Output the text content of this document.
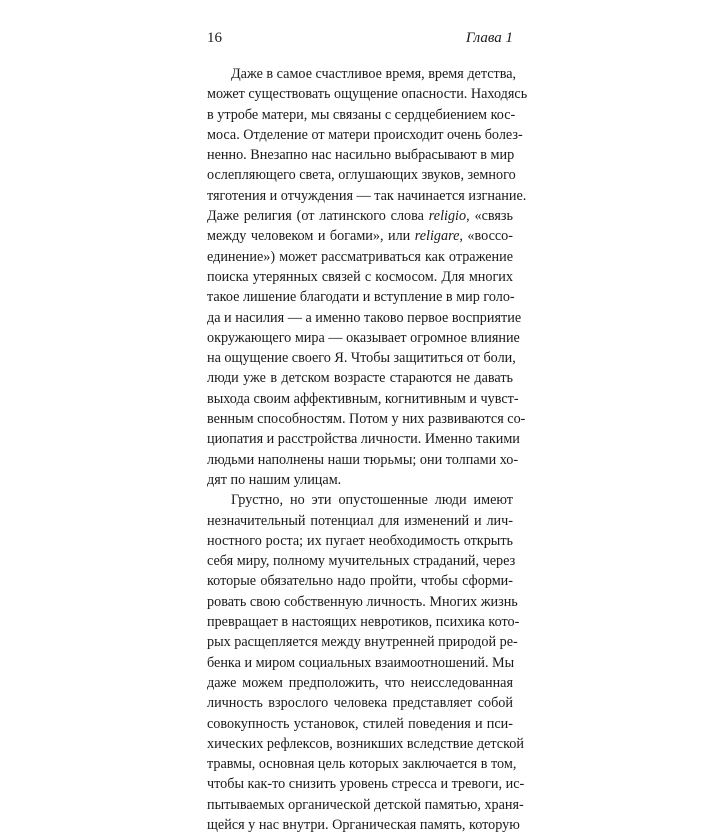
16	Глава 1
Даже в самое счастливое время, время детства,
может существовать ощущение опасности. Находясь
в утробе матери, мы связаны с сердцебиением кос-
моса. Отделение от матери происходит очень болез-
ненно. Внезапно нас насильно выбрасывают в мир
ослепляющего света, оглушающих звуков, земного
тяготения и отчуждения — так начинается изгнание.
Даже религия (от латинского слова religio, «связь
между человеком и богами», или religare, «воссо-
единение») может рассматриваться как отражение
поиска утерянных связей с космосом. Для многих
такое лишение благодати и вступление в мир голо-
да и насилия — а именно таково первое восприятие
окружающего мира — оказывает огромное влияние
на ощущение своего Я. Чтобы защититься от боли,
люди уже в детском возрасте стараются не давать
выхода своим аффективным, когнитивным и чувст-
венным способностям. Потом у них развиваются со-
циопатия и расстройства личности. Именно такими
людьми наполнены наши тюрьмы; они толпами хо-
дят по нашим улицам.
Грустно, но эти опустошенные люди имеют
незначительный потенциал для изменений и лич-
ностного роста; их пугает необходимость открыть
себя миру, полному мучительных страданий, через
которые обязательно надо пройти, чтобы сформи-
ровать свою собственную личность. Многих жизнь
превращает в настоящих невротиков, психика кото-
рых расщепляется между внутренней природой ре-
бенка и миром социальных взаимоотношений. Мы
даже можем предположить, что неисследованная
личность взрослого человека представляет собой
совокупность установок, стилей поведения и пси-
хических рефлексов, возникших вследствие детской
травмы, основная цель которых заключается в том,
чтобы как-то снизить уровень стресса и тревоги, ис-
пытываемых органической детской памятью, храня-
щейся у нас внутри. Органическая память, которую
